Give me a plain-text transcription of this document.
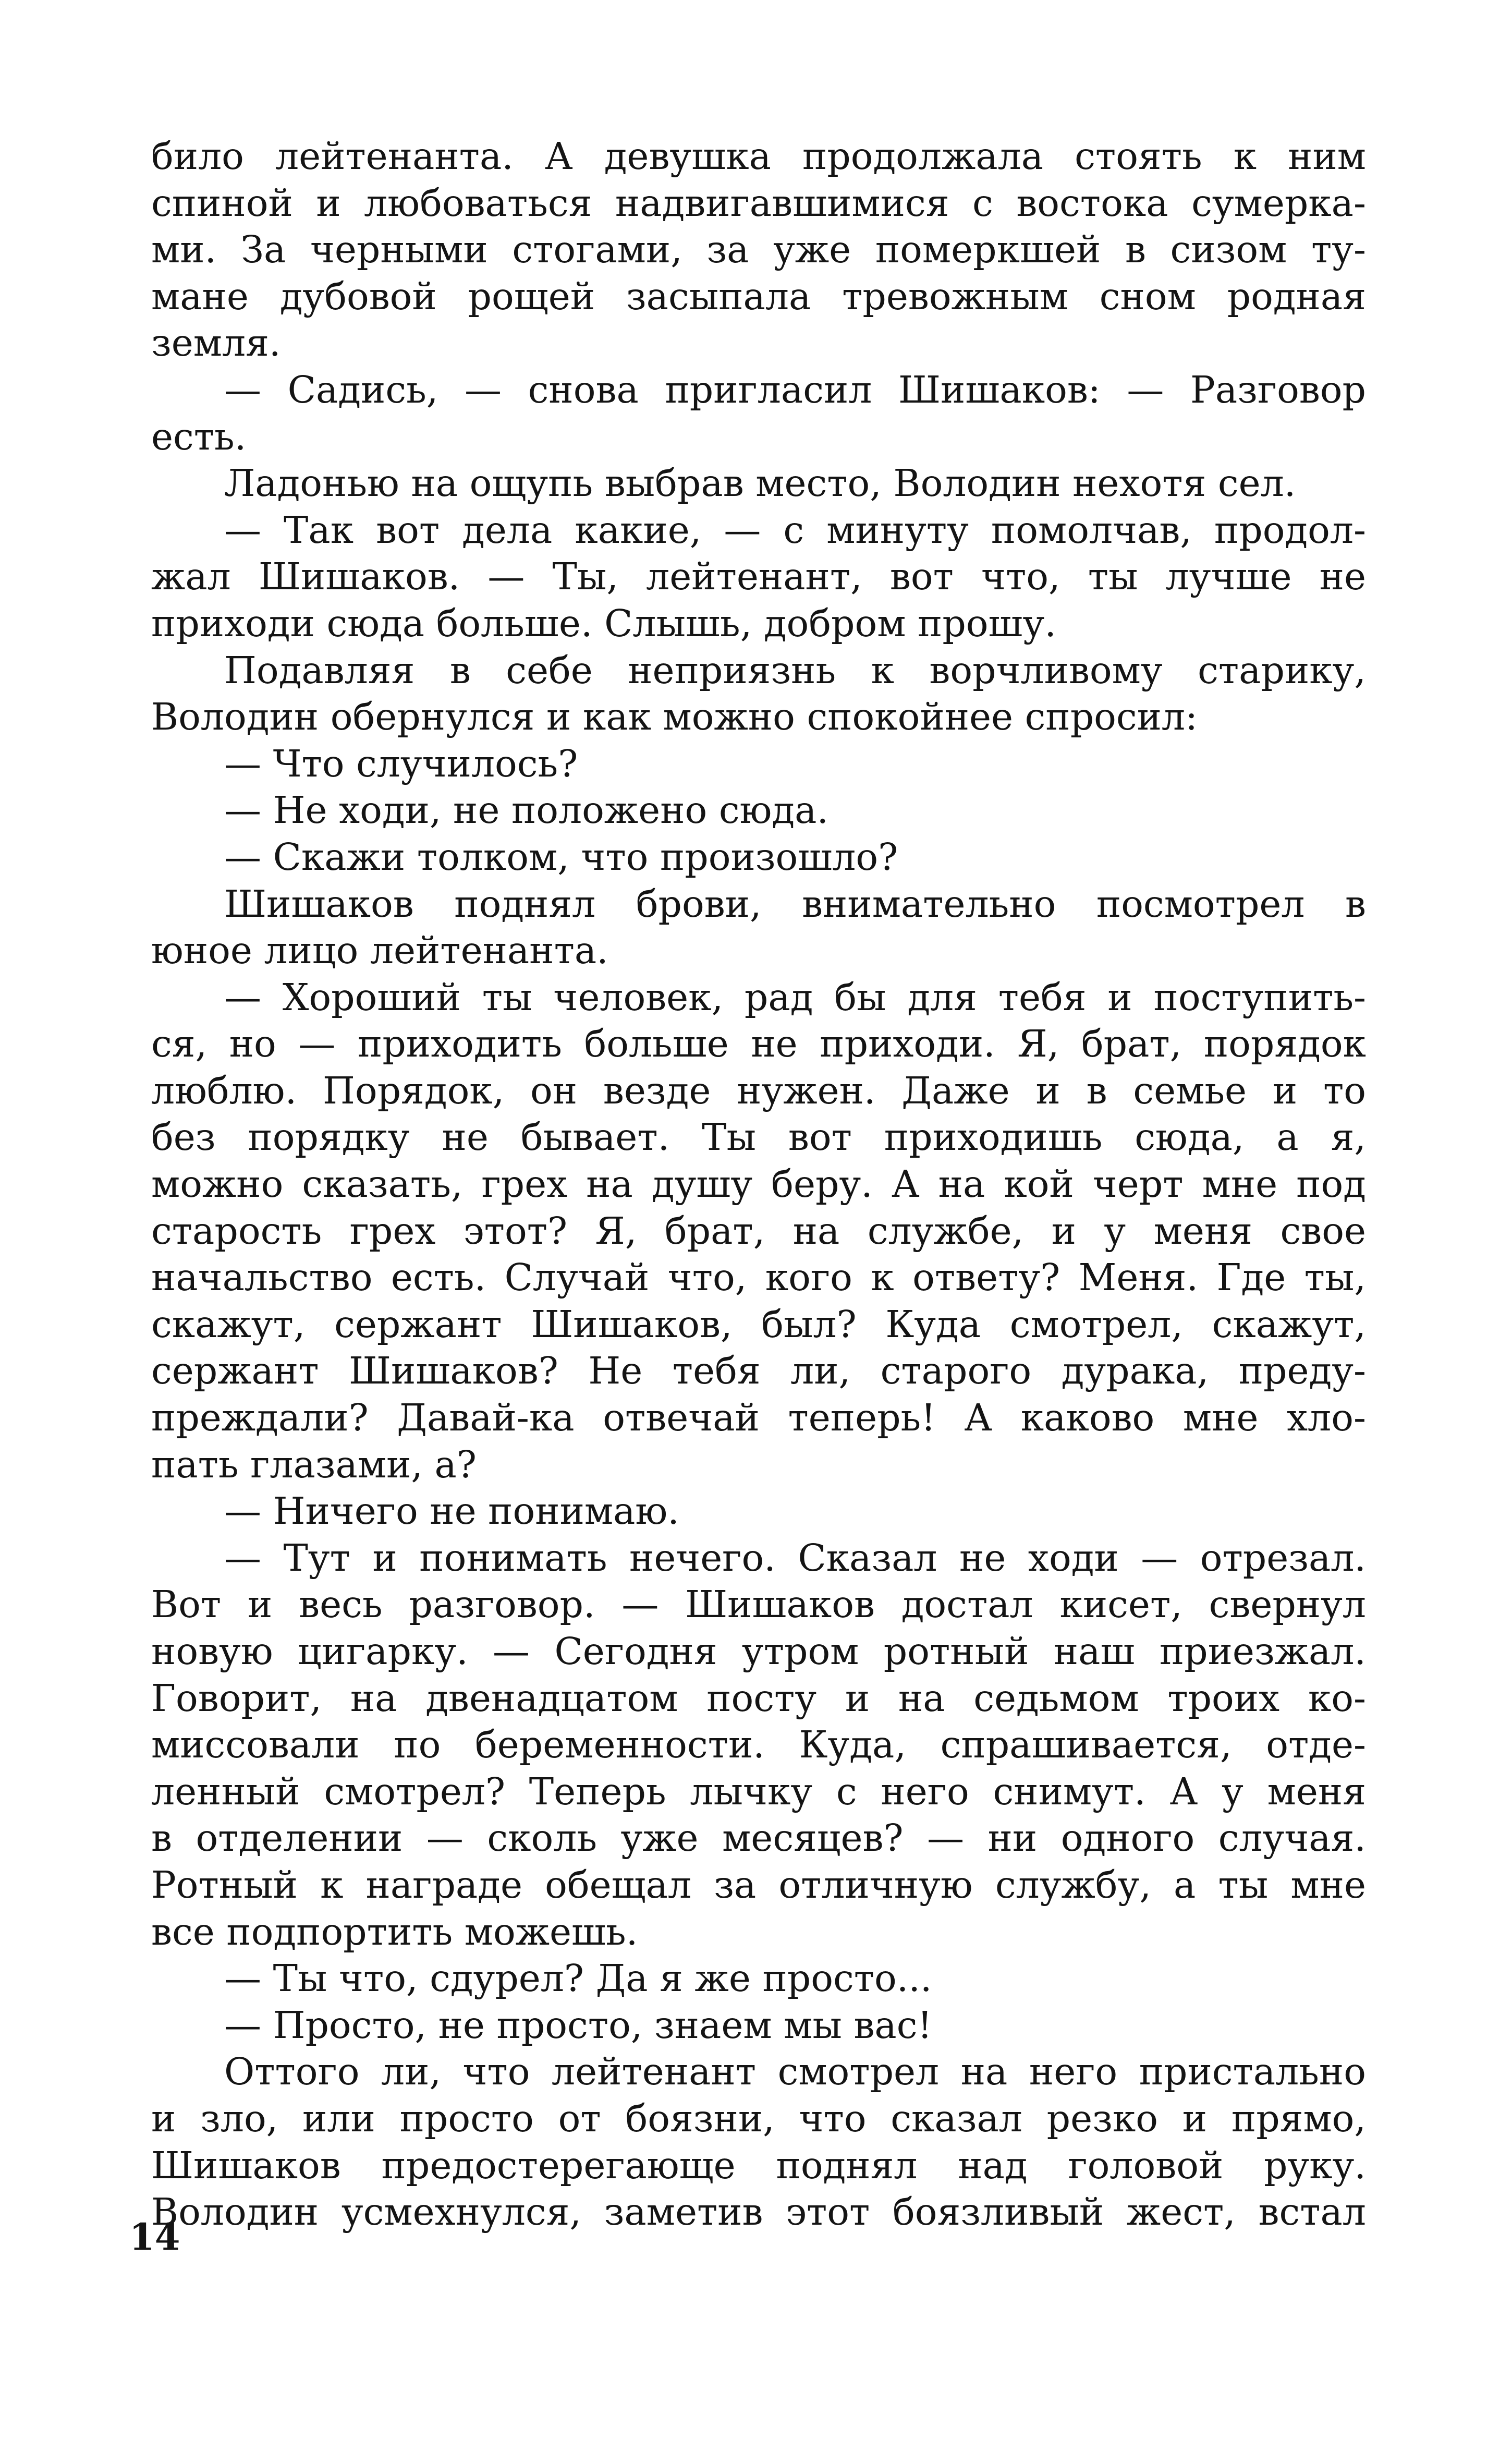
било лейтенанта. А девушка продолжала стоять к ним
спиной и любоваться надвигавшимися с востока сумерка-
ми. За черными стогами, за уже померкшей в сизом ту-
мане дубовой рощей засыпала тревожным сном родная
земля.
— Садись, — снова пригласил Шишаков: — Разговор
есть.
Ладонью на ощупь выбрав место, Володин нехотя сел.
— Так вот дела какие, — с минуту помолчав, продол-
жал Шишаков. — Ты, лейтенант, вот что, ты лучше не
приходи сюда больше. Слышь, добром прошу.
Подавляя в себе неприязнь к ворчливому старику,
Володин обернулся и как можно спокойнее спросил:
— Что случилось?
— Не ходи, не положено сюда.
— Скажи толком, что произошло?
Шишаков поднял брови, внимательно посмотрел в
юное лицо лейтенанта.
— Хороший ты человек, рад бы для тебя и поступить-
ся, но — приходить больше не приходи. Я, брат, порядок
люблю. Порядок, он везде нужен. Даже и в семье и то
без порядку не бывает. Ты вот приходишь сюда, а я,
можно сказать, грех на душу беру. А на кой черт мне под
старость грех этот? Я, брат, на службе, и у меня свое
начальство есть. Случай что, кого к ответу? Меня. Где ты,
скажут, сержант Шишаков, был? Куда смотрел, скажут,
сержант Шишаков? Не тебя ли, старого дурака, преду-
преждали? Давай-ка отвечай теперь! А каково мне хло-
пать глазами, а?
— Ничего не понимаю.
— Тут и понимать нечего. Сказал не ходи — отрезал.
Вот и весь разговор. — Шишаков достал кисет, свернул
новую цигарку. — Сегодня утром ротный наш приезжал.
Говорит, на двенадцатом посту и на седьмом троих ко-
миссовали по беременности. Куда, спрашивается, отде-
ленный смотрел? Теперь лычку с него снимут. А у меня
в отделении — сколь уже месяцев? — ни одного случая.
Ротный к награде обещал за отличную службу, а ты мне
все подпортить можешь.
— Ты что, сдурел? Да я же просто...
— Просто, не просто, знаем мы вас!
Оттого ли, что лейтенант смотрел на него пристально
и зло, или просто от боязни, что сказал резко и прямо,
Шишаков предостерегающе поднял над головой руку.
Володин усмехнулся, заметив этот боязливый жест, встал
14
